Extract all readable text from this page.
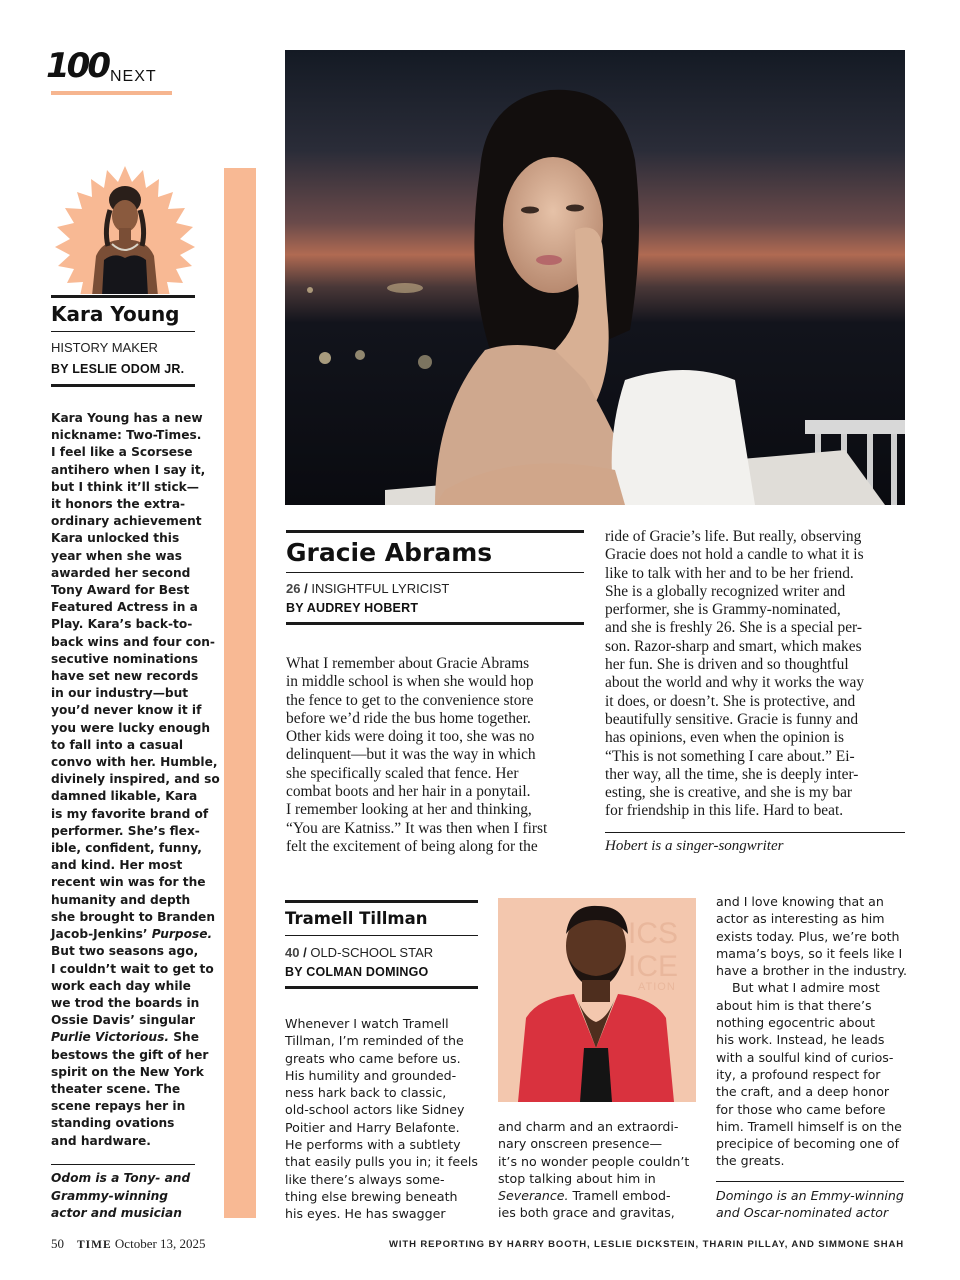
100 NEXT
Kara Young
HISTORY MAKER
BY LESLIE ODOM JR.
Kara Young has a new
nickname: Two-Times.
I feel like a Scorsese
antihero when I say it,
but I think it’ll stick—
it honors the extra-
ordinary achievement
Kara unlocked this
year when she was
awarded her second
Tony Award for Best
Featured Actress in a
Play. Kara’s back-to-
back wins and four con-
secutive nominations
have set new records
in our industry—but
you’d never know it if
you were lucky enough
to fall into a casual
convo with her. Humble,
divinely inspired, and so
damned likable, Kara
is my favorite brand of
performer. She’s flex-
ible, confident, funny,
and kind. Her most
recent win was for the
humanity and depth
she brought to Branden
Jacob-Jenkins’ Purpose.
But two seasons ago,
I couldn’t wait to get to
work each day while
we trod the boards in
Ossie Davis’ singular
Purlie Victorious. She
bestows the gift of her
spirit on the New York
theater scene. The
scene repays her in
standing ovations
and hardware.
Odom is a Tony- and
Grammy-winning
actor and musician
Gracie Abrams
26 / INSIGHTFUL LYRICIST
BY AUDREY HOBERT
What I remember about Gracie Abrams
in middle school is when she would hop
the fence to get to the convenience store
before we’d ride the bus home together.
Other kids were doing it too, she was no
delinquent—but it was the way in which
she specifically scaled that fence. Her
combat boots and her hair in a ponytail.
I remember looking at her and thinking,
“You are Katniss.” It was then when I first
felt the excitement of being along for the
ride of Gracie’s life. But really, observing
Gracie does not hold a candle to what it is
like to talk with her and to be her friend.
She is a globally recognized writer and
performer, she is Grammy-nominated,
and she is freshly 26. She is a special per-
son. Razor-sharp and smart, which makes
her fun. She is driven and so thoughtful
about the world and why it works the way
it does, or doesn’t. She is protective, and
beautifully sensitive. Gracie is funny and
has opinions, even when the opinion is
“This is not something I care about.” Ei-
ther way, all the time, she is deeply inter-
esting, she is creative, and she is my bar
for friendship in this life. Hard to beat.
Hobert is a singer-songwriter
Tramell Tillman
40 / OLD-SCHOOL STAR
BY COLMAN DOMINGO
Whenever I watch Tramell
Tillman, I’m reminded of the
greats who came before us.
His humility and grounded-
ness hark back to classic,
old-school actors like Sidney
Poitier and Harry Belafonte.
He performs with a subtlety
that easily pulls you in; it feels
like there’s always some-
thing else brewing beneath
his eyes. He has swagger
ICS
ICE
ATION
and charm and an extraordi-
nary onscreen presence—
it’s no wonder people couldn’t
stop talking about him in
Severance. Tramell embod-
ies both grace and gravitas,
and I love knowing that an
actor as interesting as him
exists today. Plus, we’re both
mama’s boys, so it feels like I
have a brother in the industry.
But what I admire most
about him is that there’s
nothing egocentric about
his work. Instead, he leads
with a soulful kind of curios-
ity, a profound respect for
the craft, and a deep honor
for those who came before
him. Tramell himself is on the
precipice of becoming one of
the greats.
Domingo is an Emmy-winning
and Oscar-nominated actor
50 TIME October 13, 2025	WITH REPORTING BY HARRY BOOTH, LESLIE DICKSTEIN, THARIN PILLAY, AND SIMMONE SHAH
